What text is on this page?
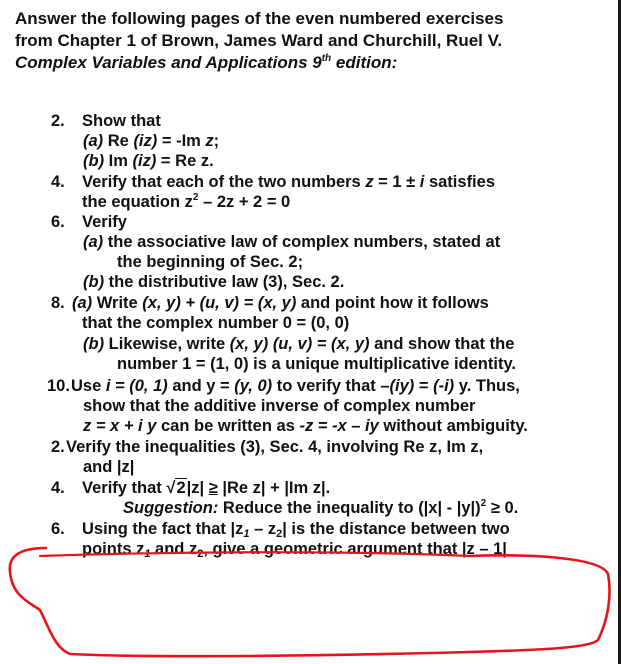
Answer the following pages of the even numbered exercises
from Chapter 1 of Brown, James Ward and Churchill, Ruel V.
Complex Variables and Applications 9th edition:
2. Show that
(a) Re (iz) = -Im z;
(b) Im (iz) = Re z.
4. Verify that each of the two numbers z = 1 ± i satisfies
the equation $z^2 - 2z + 2 = 0$
6. Verify
(a) the associative law of complex numbers, stated at
the beginning of Sec. 2;
(b) the distributive law (3), Sec. 2.
8. (a) Write (x, y) + (u, v) = (x, y) and point how it follows
that the complex number 0 = (0, 0)
(b) Likewise, write (x, y) (u, v) = (x, y) and show that the
number 1 = (1, 0) is a unique multiplicative identity.
10. Use i = (0, 1) and y = (y, 0) to verify that –(iy) = (-i) y. Thus,
show that the additive inverse of complex number
z = x + i y can be written as -z = -x – iy without ambiguity.
2. Verify the inequalities (3), Sec. 4, involving Re z, Im z,
and |z|
4. Verify that √2|z| ≥ |Re z| + |Im z|.
Suggestion: Reduce the inequality to (|x| - |y|)$^2$ ≥ 0.
6. Using the fact that $|z_1 - z_2|$ is the distance between two
points $z_1$ and $z_2$, give a geometric argument that |z – 1|
